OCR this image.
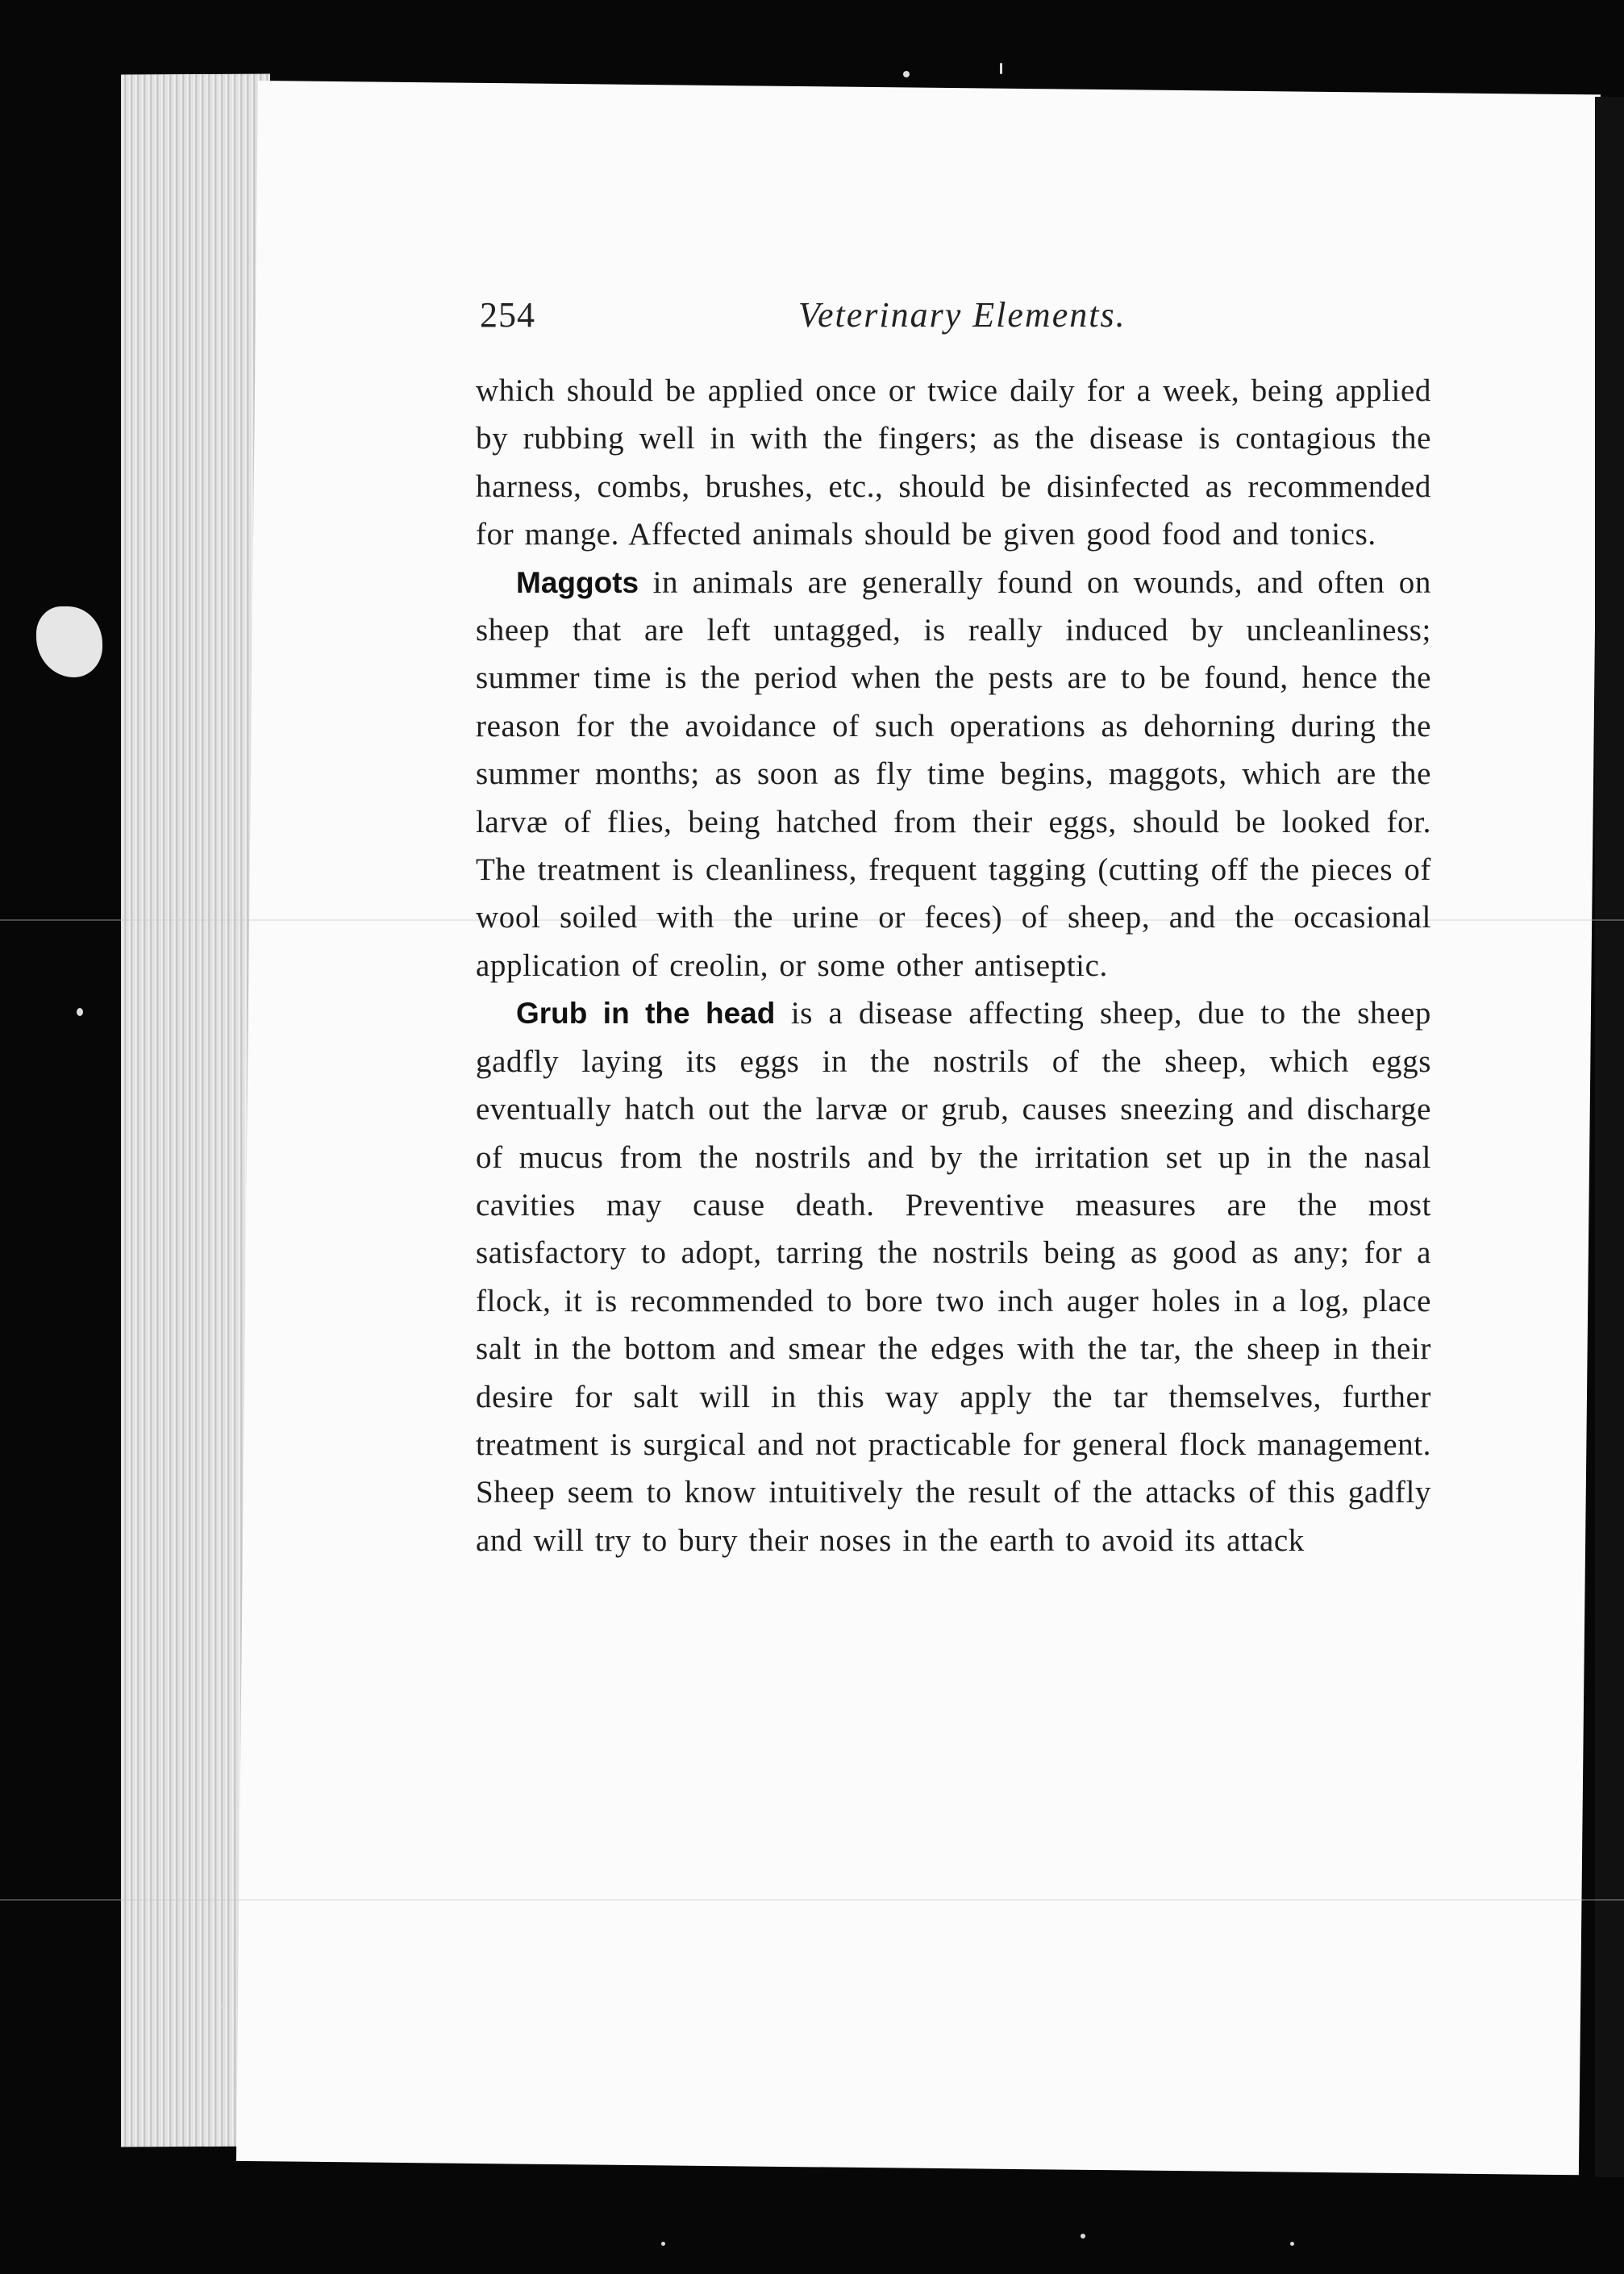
254	Veterinary Elements.

which should be applied once or twice daily for a week, being applied by rubbing well in with the fingers; as the disease is contagious the harness, combs, brushes, etc., should be disinfected as recommended for mange. Affected animals should be given good food and tonics.

Maggots in animals are generally found on wounds, and often on sheep that are left untagged, is really induced by uncleanliness; summer time is the period when the pests are to be found, hence the reason for the avoidance of such operations as dehorning during the summer months; as soon as fly time begins, maggots, which are the larvæ of flies, being hatched from their eggs, should be looked for. The treatment is cleanliness, frequent tagging (cutting off the pieces of wool soiled with the urine or feces) of sheep, and the occasional application of creolin, or some other antiseptic.

Grub in the head is a disease affecting sheep, due to the sheep gadfly laying its eggs in the nostrils of the sheep, which eggs eventually hatch out the larvæ or grub, causes sneezing and discharge of mucus from the nostrils and by the irritation set up in the nasal cavities may cause death. Preventive measures are the most satisfactory to adopt, tarring the nostrils being as good as any; for a flock, it is recommended to bore two inch auger holes in a log, place salt in the bottom and smear the edges with the tar, the sheep in their desire for salt will in this way apply the tar themselves, further treatment is surgical and not practicable for general flock management. Sheep seem to know intuitively the result of the attacks of this gadfly and will try to bury their noses in the earth to avoid its attack
